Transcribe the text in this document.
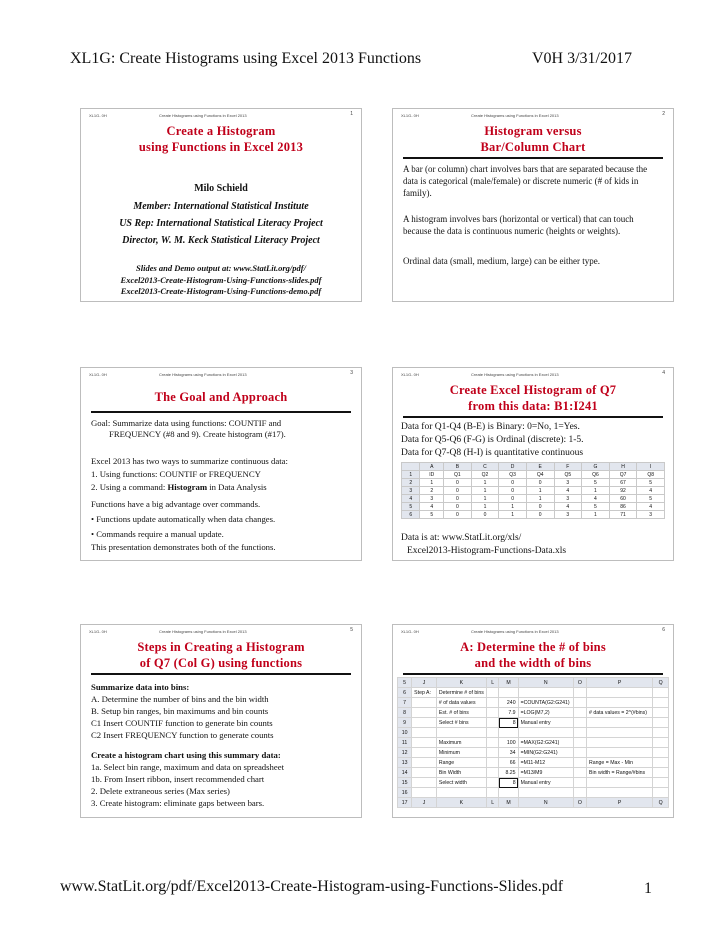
XL1G: Create Histograms using Excel 2013 Functions	V0H 3/31/2017
XL1G- 0H	Create Histograms using Functions in Excel 2013	1
Create a Histogram
using Functions in Excel 2013
Milo Schield
Member: International Statistical Institute
US Rep: International Statistical Literacy Project
Director, W. M. Keck Statistical Literacy Project
Slides and Demo output at: www.StatLit.org/pdf/
Excel2013-Create-Histogram-Using-Functions-slides.pdf
Excel2013-Create-Histogram-Using-Functions-demo.pdf
XL1G- 0H	Create Histograms using Functions in Excel 2013	2
Histogram versus
Bar/Column Chart
A bar (or column) chart involves bars that are separated because the data is categorical (male/female) or discrete numeric (# of kids in family).
A histogram involves bars (horizontal or vertical) that can touch because the data is continuous numeric (heights or weights).
Ordinal data (small, medium, large) can be either type.
XL1G- 0H	Create Histograms using Functions in Excel 2013	3
The Goal and Approach
Goal: Summarize data using functions: COUNTIF and
FREQUENCY (#8 and 9). Create histogram (#17).
Excel 2013 has two ways to summarize continuous data:
1. Using functions: COUNTIF or FREQUENCY
2. Using a command: Histogram in Data Analysis
Functions have a big advantage over commands.
• Functions update automatically when data changes.
• Commands require a manual update.
This presentation demonstrates both of the functions.
XL1G- 0H	Create Histograms using Functions in Excel 2013	4
Create Excel Histogram of Q7
from this data: B1:I241
Data for Q1-Q4 (B-E) is Binary: 0=No, 1=Yes.
Data for Q5-Q6 (F-G) is Ordinal (discrete): 1-5.
Data for Q7-Q8 (H-I) is quantitative continuous
	A	B	C	D	E	F	G	H	I
1	ID	Q1	Q2	Q3	Q4	Q5	Q6	Q7	Q8
2	1	0	1	0	0	3	5	67	5
3	2	0	1	0	1	4	1	92	4
4	3	0	1	0	1	3	4	60	5
5	4	0	1	1	0	4	5	86	4
6	5	0	0	1	0	3	1	71	3
Data is at: www.StatLit.org/xls/
Excel2013-Histogram-Functions-Data.xls
XL1G- 0H	Create Histograms using Functions in Excel 2013	5
Steps in Creating a Histogram
of Q7 (Col G) using functions
Summarize data into bins:
A. Determine the number of bins and the bin width
B. Setup bin ranges, bin maximums and bin counts
C1 Insert COUNTIF function to generate bin counts
C2 Insert FREQUENCY function to generate counts
Create a histogram chart using this summary data:
1a. Select bin range, maximum and data on spreadsheet
1b. From Insert ribbon, insert recommended chart
2. Delete extraneous series (Max series)
3. Create histogram: eliminate gaps between bars.
XL1G- 0H	Create Histograms using Functions in Excel 2013	6
A: Determine the # of bins
and the width of bins
5	J	K	L	M	N	O	P	Q
6	Step A:	Determine # of bins						
7		# of data values		240	=COUNTA(G2:G241)			
8		Est. # of bins		7.9	=LOG(M7,2)		# data values = 2^(#bins)	
9		Select # bins		8	Manual entry			
10								
11		Maximum		100	=MAX(G2:G241)			
12		Minimum		34	=MIN(G2:G241)			
13		Range		66	=M11-M12		Range = Max - Min	
14		Bin Width		8.25	=M13/M9		Bin width = Range/#bins	
15		Select width		8	Manual entry			
16								
17	J	K	L	M	N	O	P	Q
www.StatLit.org/pdf/Excel2013-Create-Histogram-using-Functions-Slides.pdf	1
